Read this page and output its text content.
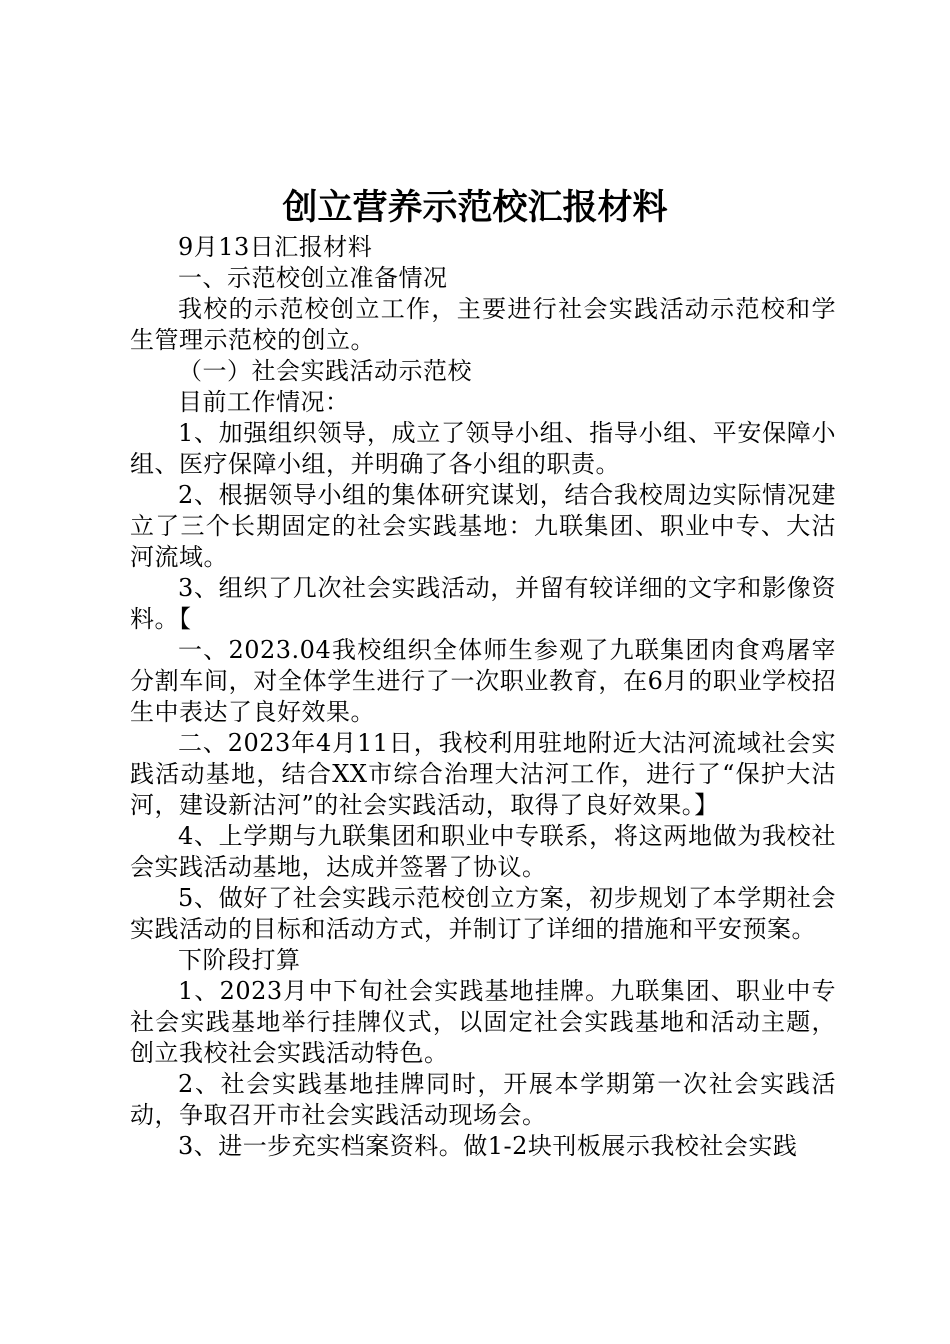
创立营养示范校汇报材料

9月13日汇报材料

一、示范校创立准备情况

我校的示范校创立工作，主要进行社会实践活动示范校和学生管理示范校的创立。

（一）社会实践活动示范校

目前工作情况：

1、加强组织领导，成立了领导小组、指导小组、平安保障小组、医疗保障小组，并明确了各小组的职责。

2、根据领导小组的集体研究谋划，结合我校周边实际情况建立了三个长期固定的社会实践基地：九联集团、职业中专、大沽河流域。

3、组织了几次社会实践活动，并留有较详细的文字和影像资料。【

一、2023.04我校组织全体师生参观了九联集团肉食鸡屠宰分割车间，对全体学生进行了一次职业教育，在6月的职业学校招生中表达了良好效果。

二、2023年4月11日，我校利用驻地附近大沽河流域社会实践活动基地，结合XX市综合治理大沽河工作，进行了“保护大沽河，建设新沽河”的社会实践活动，取得了良好效果。】

4、上学期与九联集团和职业中专联系，将这两地做为我校社会实践活动基地，达成并签署了协议。

5、做好了社会实践示范校创立方案，初步规划了本学期社会实践活动的目标和活动方式，并制订了详细的措施和平安预案。

下阶段打算

1、2023月中下旬社会实践基地挂牌。九联集团、职业中专社会实践基地举行挂牌仪式，以固定社会实践基地和活动主题，创立我校社会实践活动特色。

2、社会实践基地挂牌同时，开展本学期第一次社会实践活动，争取召开市社会实践活动现场会。

3、进一步充实档案资料。做1-2块刊板展示我校社会实践
